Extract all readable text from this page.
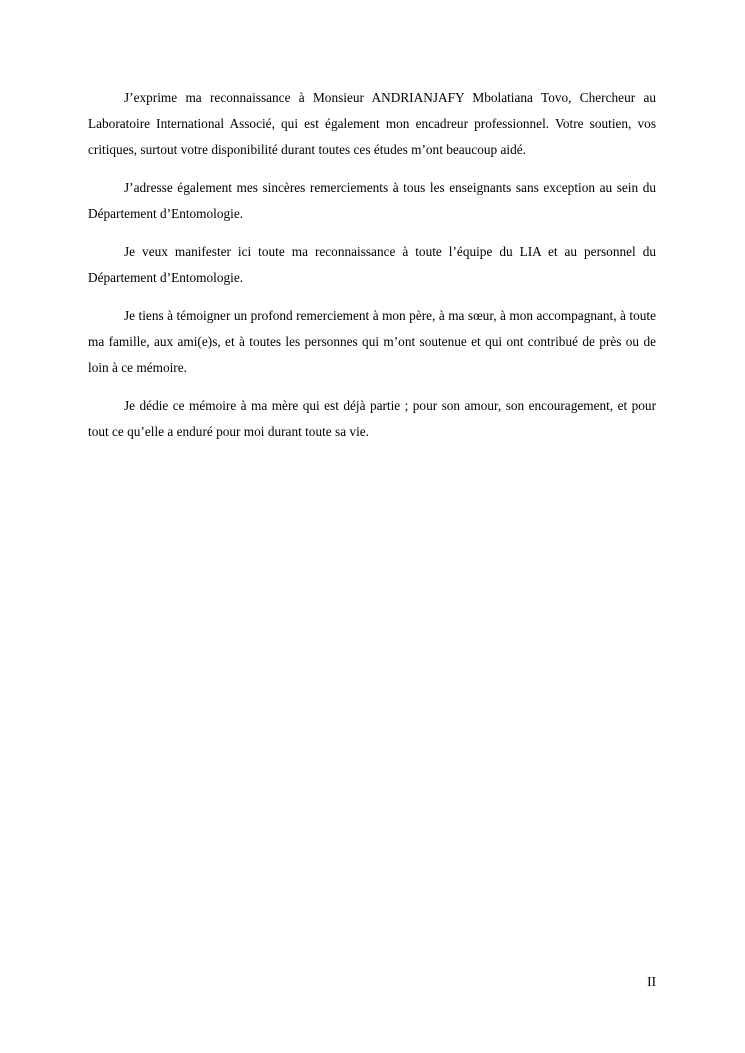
J’exprime ma reconnaissance à Monsieur ANDRIANJAFY Mbolatiana Tovo, Chercheur au Laboratoire International Associé, qui est également mon encadreur professionnel. Votre soutien, vos critiques, surtout votre disponibilité durant toutes ces études m’ont beaucoup aidé.

J’adresse également mes sincères remerciements à tous les enseignants sans exception au sein du Département d’Entomologie.

Je veux manifester ici toute ma reconnaissance à toute l’équipe du LIA et au personnel du Département d’Entomologie.

Je tiens à témoigner un profond remerciement à mon père, à ma sœur, à mon accompagnant, à toute ma famille, aux ami(e)s, et à toutes les personnes qui m’ont soutenue et qui ont contribué de près ou de loin à ce mémoire.

Je dédie ce mémoire à ma mère qui est déjà partie ; pour son amour, son encouragement, et pour tout ce qu’elle a enduré pour moi durant toute sa vie.

II
